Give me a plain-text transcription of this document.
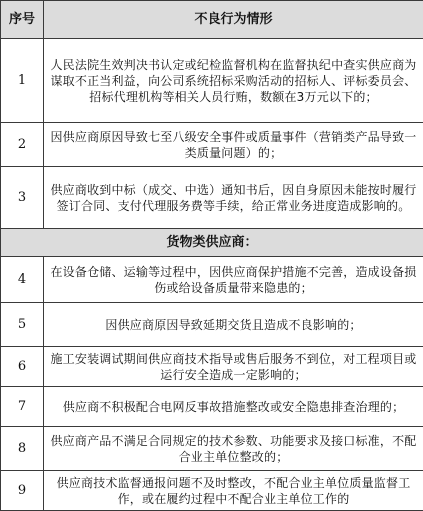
序号	不良行为情形
1	人民法院生效判决书认定或纪检监督机构在监督执纪中查实供应商为谋取不正当利益，向公司系统招标采购活动的招标人、评标委员会、招标代理机构等相关人员行贿，数额在3万元以下的；
2	因供应商原因导致七至八级安全事件或质量事件（营销类产品导致一类质量问题）的；
3	供应商收到中标（成交、中选）通知书后，因自身原因未能按时履行签订合同、支付代理服务费等手续，给正常业务进度造成影响的。
货物类供应商：	
4	在设备仓储、运输等过程中，因供应商保护措施不完善，造成设备损伤或给设备质量带来隐患的；
5	因供应商原因导致延期交货且造成不良影响的；
6	施工安装调试期间供应商技术指导或售后服务不到位，对工程项目或运行安全造成一定影响的；
7	供应商不积极配合电网反事故措施整改或安全隐患排查治理的；
8	供应商产品不满足合同规定的技术参数、功能要求及接口标准，不配合业主单位整改的；
9	供应商技术监督通报问题不及时整改，不配合业主单位质量监督工作，或在履约过程中不配合业主单位工作的
